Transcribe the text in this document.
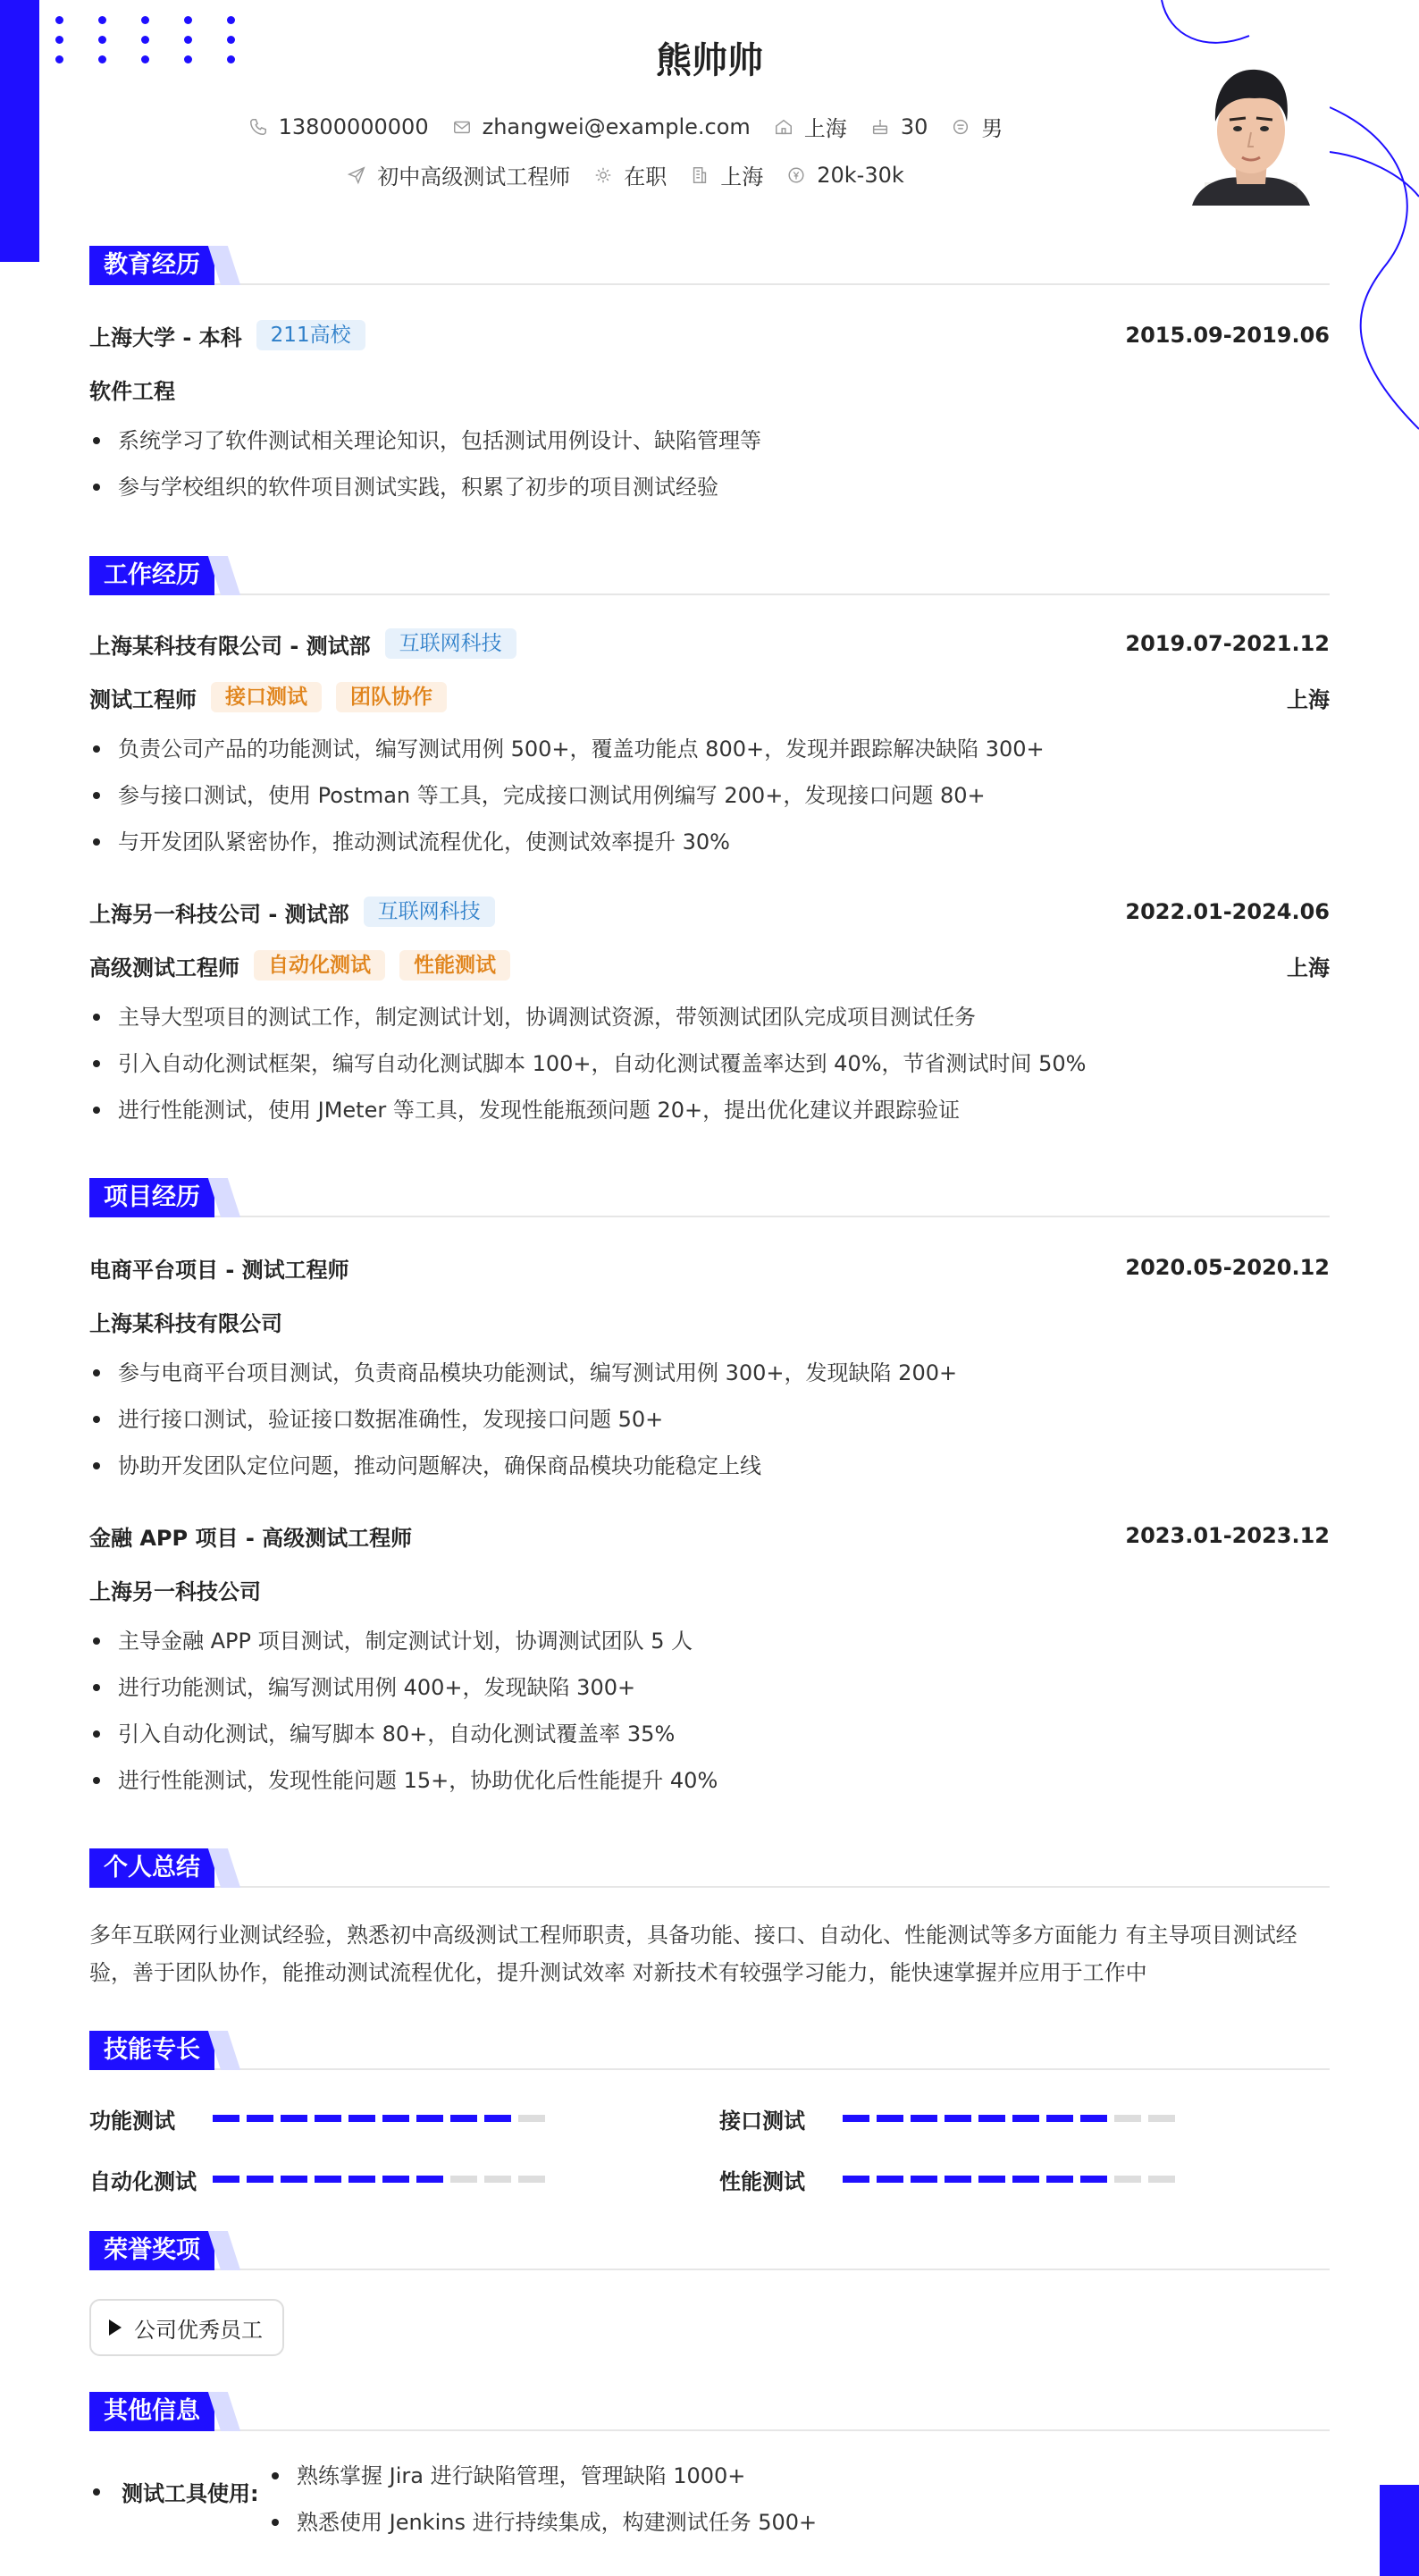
熊帅帅
13800000000	zhangwei@example.com	上海	30	男
初中高级测试工程师	在职	上海	20k-30k
教育经历
上海大学 - 本科	211高校	2015.09-2019.06
软件工程
系统学习了软件测试相关理论知识，包括测试用例设计、缺陷管理等
参与学校组织的软件项目测试实践，积累了初步的项目测试经验
工作经历
上海某科技有限公司 - 测试部	互联网科技	2019.07-2021.12
测试工程师	接口测试	团队协作	上海
负责公司产品的功能测试，编写测试用例 500+，覆盖功能点 800+，发现并跟踪解决缺陷 300+
参与接口测试，使用 Postman 等工具，完成接口测试用例编写 200+，发现接口问题 80+
与开发团队紧密协作，推动测试流程优化，使测试效率提升 30%
上海另一科技公司 - 测试部	互联网科技	2022.01-2024.06
高级测试工程师	自动化测试	性能测试	上海
主导大型项目的测试工作，制定测试计划，协调测试资源，带领测试团队完成项目测试任务
引入自动化测试框架，编写自动化测试脚本 100+，自动化测试覆盖率达到 40%，节省测试时间 50%
进行性能测试，使用 JMeter 等工具，发现性能瓶颈问题 20+，提出优化建议并跟踪验证
项目经历
电商平台项目 - 测试工程师	2020.05-2020.12
上海某科技有限公司
参与电商平台项目测试，负责商品模块功能测试，编写测试用例 300+，发现缺陷 200+
进行接口测试，验证接口数据准确性，发现接口问题 50+
协助开发团队定位问题，推动问题解决，确保商品模块功能稳定上线
金融 APP 项目 - 高级测试工程师	2023.01-2023.12
上海另一科技公司
主导金融 APP 项目测试，制定测试计划，协调测试团队 5 人
进行功能测试，编写测试用例 400+，发现缺陷 300+
引入自动化测试，编写脚本 80+，自动化测试覆盖率 35%
进行性能测试，发现性能问题 15+，协助优化后性能提升 40%
个人总结
多年互联网行业测试经验，熟悉初中高级测试工程师职责，具备功能、接口、自动化、性能测试等多方面能力 有主导项目测试经验，善于团队协作，能推动测试流程优化，提升测试效率 对新技术有较强学习能力，能快速掌握并应用于工作中
技能专长
功能测试	接口测试
自动化测试	性能测试
荣誉奖项
公司优秀员工
其他信息
测试工具使用:
熟练掌握 Jira 进行缺陷管理，管理缺陷 1000+
熟悉使用 Jenkins 进行持续集成，构建测试任务 500+
